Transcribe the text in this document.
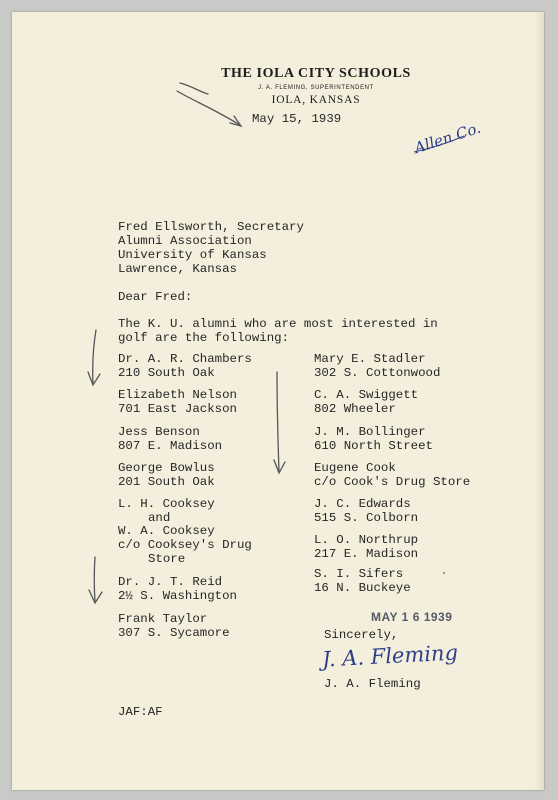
THE IOLA CITY SCHOOLS
J. A. FLEMING, SUPERINTENDENT
IOLA, KANSAS
May 15, 1939	Allen Co.
Fred Ellsworth, Secretary
Alumni Association
University of Kansas
Lawrence, Kansas
Dear Fred:
The K. U. alumni who are most interested in
golf are the following:
Dr. A. R. Chambers
210 South Oak
Elizabeth Nelson
701 East Jackson
Jess Benson
807 E. Madison
George Bowlus
201 South Oak
L. H. Cooksey
and
W. A. Cooksey
c/o Cooksey's Drug
Store
Dr. J. T. Reid
2½ S. Washington
Frank Taylor
307 S. Sycamore
Mary E. Stadler
302 S. Cottonwood
C. A. Swiggett
802 Wheeler
J. M. Bollinger
610 North Street
Eugene Cook
c/o Cook's Drug Store
J. C. Edwards
515 S. Colborn
L. O. Northrup
217 E. Madison
S. I. Sifers
16 N. Buckeye
MAY 1 6 1939
Sincerely,
J. A. Fleming
J. A. Fleming
JAF:AF
